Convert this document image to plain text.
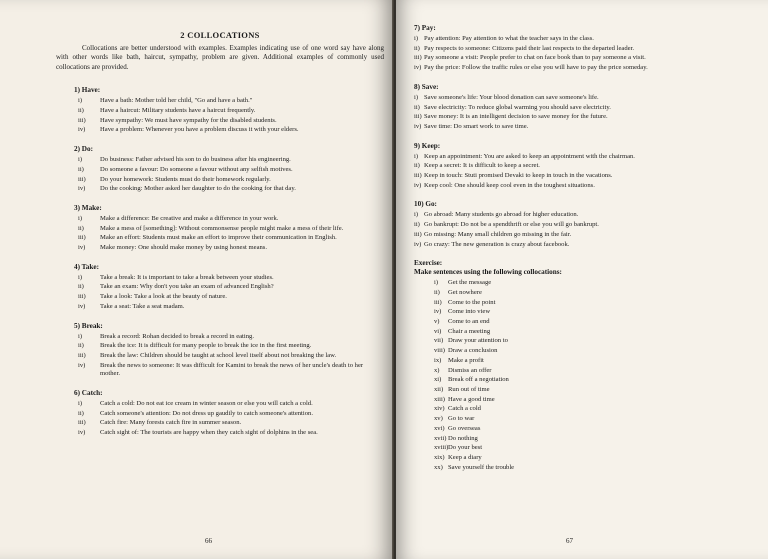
2 COLLOCATIONS

Collocations are better understood with examples. Examples indicating use of one word say have along with other words like bath, haircut, sympathy, problem are given. Additional examples of commonly used collocations are provided.

1) Have:
i)	Have a bath: Mother told her child, "Go and have a bath."
ii)	Have a haircut: Military students have a haircut frequently.
iii)	Have sympathy: We must have sympathy for the disabled students.
iv)	Have a problem: Whenever you have a problem discuss it with your elders.
2) Do:
i)	Do business: Father advised his son to do business after his engineering.
ii)	Do someone a favour: Do someone a favour without any selfish motives.
iii)	Do your homework: Students must do their homework regularly.
iv)	Do the cooking: Mother asked her daughter to do the cooking for that day.
3) Make:
i)	Make a difference: Be creative and make a difference in your work.
ii)	Make a mess of [something]: Without commonsense people might make a mess of their life.
iii)	Make an effort: Students must make an effort to improve their communication in English.
iv)	Make money: One should make money by using honest means.
4) Take:
i)	Take a break: It is important to take a break between your studies.
ii)	Take an exam: Why don't you take an exam of advanced English?
iii)	Take a look: Take a look at the beauty of nature.
iv)	Take a seat: Take a seat madam.
5) Break:
i)	Break a record: Rohan decided to break a record in eating.
ii)	Break the ice: It is difficult for many people to break the ice in the first meeting.
iii)	Break the law: Children should be taught at school level itself about not breaking the law.
iv)	Break the news to someone: It was difficult for Kamini to break the news of her uncle's death to her mother.
6) Catch:
i)	Catch a cold: Do not eat ice cream in winter season or else you will catch a cold.
ii)	Catch someone's attention: Do not dress up gaudily to catch someone's attention.
iii)	Catch fire: Many forests catch fire in summer season.
iv)	Catch sight of: The tourists are happy when they catch sight of dolphins in the sea.
66
7) Pay:
i) Pay attention: Pay attention to what the teacher says in the class.
ii) Pay respects to someone: Citizens paid their last respects to the departed leader.
iii) Pay someone a visit: People prefer to chat on face book than to pay someone a visit.
iv) Pay the price: Follow the traffic rules or else you will have to pay the price someday.
8) Save:
i) Save someone's life: Your blood donation can save someone's life.
ii) Save electricity: To reduce global warming you should save electricity.
iii) Save money: It is an intelligent decision to save money for the future.
iv) Save time: Do smart work to save time.
9) Keep:
i) Keep an appointment: You are asked to keep an appointment with the chairman.
ii) Keep a secret: It is difficult to keep a secret.
iii) Keep in touch: Stuti promised Devaki to keep in touch in the vacations.
iv) Keep cool: One should keep cool even in the toughest situations.
10) Go:
i) Go abroad: Many students go abroad for higher education.
ii) Go bankrupt: Do not be a spendthrift or else you will go bankrupt.
iii) Go missing: Many small children go missing in the fair.
iv) Go crazy: The new generation is crazy about facebook.
Exercise:
Make sentences using the following collocations:
i)	Get the message
ii)	Get nowhere
iii) Come to the point
iv)	Come into view
v)	Come to an end
vi)	Chair a meeting
vii) Draw your attention to
viii) Draw a conclusion
ix)	Make a profit
x)	Dismiss an offer
xi)	Break off a negotiation
xii) Run out of time
xiii) Have a good time
xiv) Catch a cold
xv) Go to war
xvi) Go overseas
xvii) Do nothing
xviii) Do your best
xix) Keep a diary
xx) Save yourself the trouble
67
